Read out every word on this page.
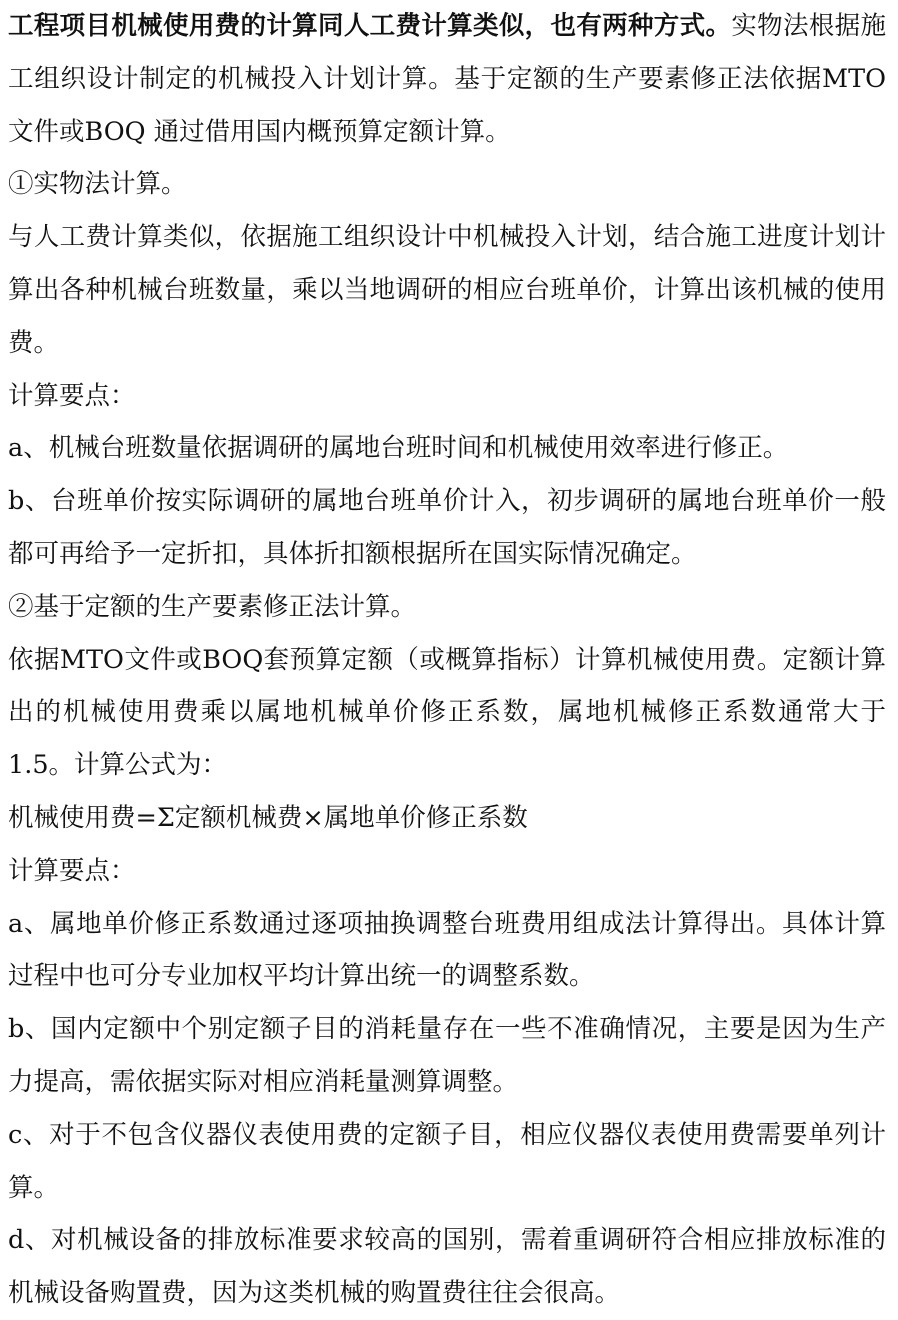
工程项目机械使用费的计算同人工费计算类似，也有两种方式。实物法根据施工组织设计制定的机械投入计划计算。基于定额的生产要素修正法依据MTO 文件或BOQ 通过借用国内概预算定额计算。

①实物法计算。

与人工费计算类似，依据施工组织设计中机械投入计划，结合施工进度计划计算出各种机械台班数量，乘以当地调研的相应台班单价，计算出该机械的使用费。

计算要点：

a、机械台班数量依据调研的属地台班时间和机械使用效率进行修正。

b、台班单价按实际调研的属地台班单价计入，初步调研的属地台班单价一般都可再给予一定折扣，具体折扣额根据所在国实际情况确定。

②基于定额的生产要素修正法计算。

依据MTO文件或BOQ套预算定额（或概算指标）计算机械使用费。定额计算出的机械使用费乘以属地机械单价修正系数，属地机械修正系数通常大于1.5。计算公式为：

机械使用费=Σ定额机械费×属地单价修正系数

计算要点：

a、属地单价修正系数通过逐项抽换调整台班费用组成法计算得出。具体计算过程中也可分专业加权平均计算出统一的调整系数。

b、国内定额中个别定额子目的消耗量存在一些不准确情况，主要是因为生产力提高，需依据实际对相应消耗量测算调整。

c、对于不包含仪器仪表使用费的定额子目，相应仪器仪表使用费需要单列计算。

d、对机械设备的排放标准要求较高的国别，需着重调研符合相应排放标准的机械设备购置费，因为这类机械的购置费往往会很高。
